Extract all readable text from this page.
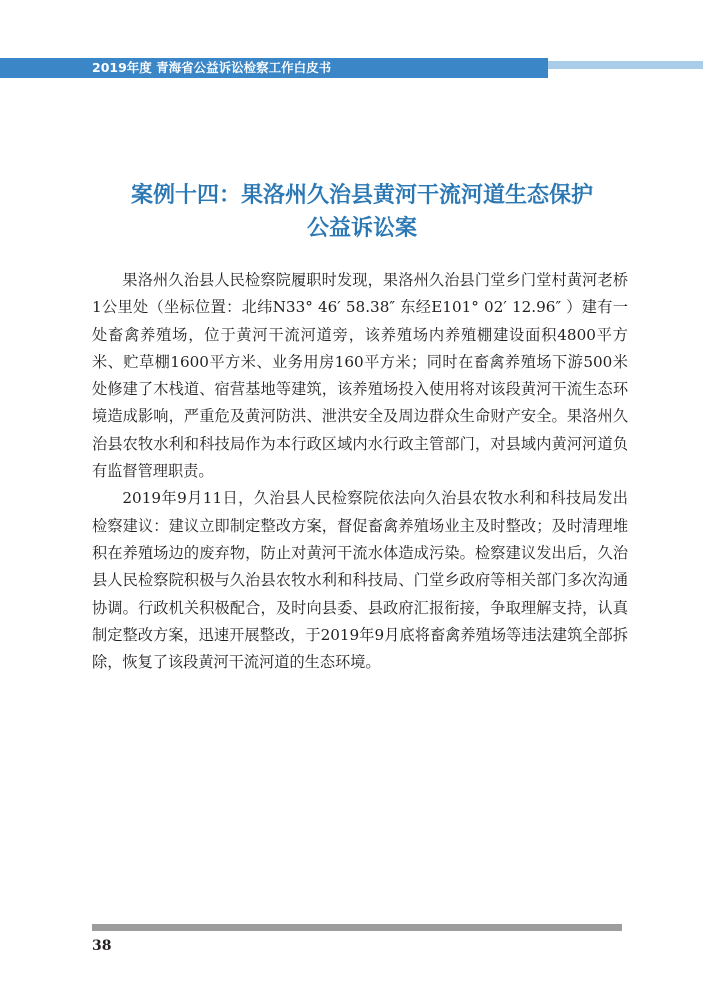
2019年度 青海省公益诉讼检察工作白皮书
案例十四：果洛州久治县黄河干流河道生态保护
公益诉讼案

果洛州久治县人民检察院履职时发现，果洛州久治县门堂乡门堂村黄河老桥1公里处（坐标位置：北纬N33° 46′ 58.38″ 东经E101° 02′ 12.96″ ）建有一处畜禽养殖场，位于黄河干流河道旁，该养殖场内养殖棚建设面积4800平方米、贮草棚1600平方米、业务用房160平方米；同时在畜禽养殖场下游500米处修建了木栈道、宿营基地等建筑，该养殖场投入使用将对该段黄河干流生态环境造成影响，严重危及黄河防洪、泄洪安全及周边群众生命财产安全。果洛州久治县农牧水利和科技局作为本行政区域内水行政主管部门，对县域内黄河河道负有监督管理职责。

2019年9月11日，久治县人民检察院依法向久治县农牧水利和科技局发出检察建议：建议立即制定整改方案，督促畜禽养殖场业主及时整改；及时清理堆积在养殖场边的废弃物，防止对黄河干流水体造成污染。检察建议发出后，久治县人民检察院积极与久治县农牧水利和科技局、门堂乡政府等相关部门多次沟通协调。行政机关积极配合，及时向县委、县政府汇报衔接，争取理解支持，认真制定整改方案，迅速开展整改，于2019年9月底将畜禽养殖场等违法建筑全部拆除，恢复了该段黄河干流河道的生态环境。

38
